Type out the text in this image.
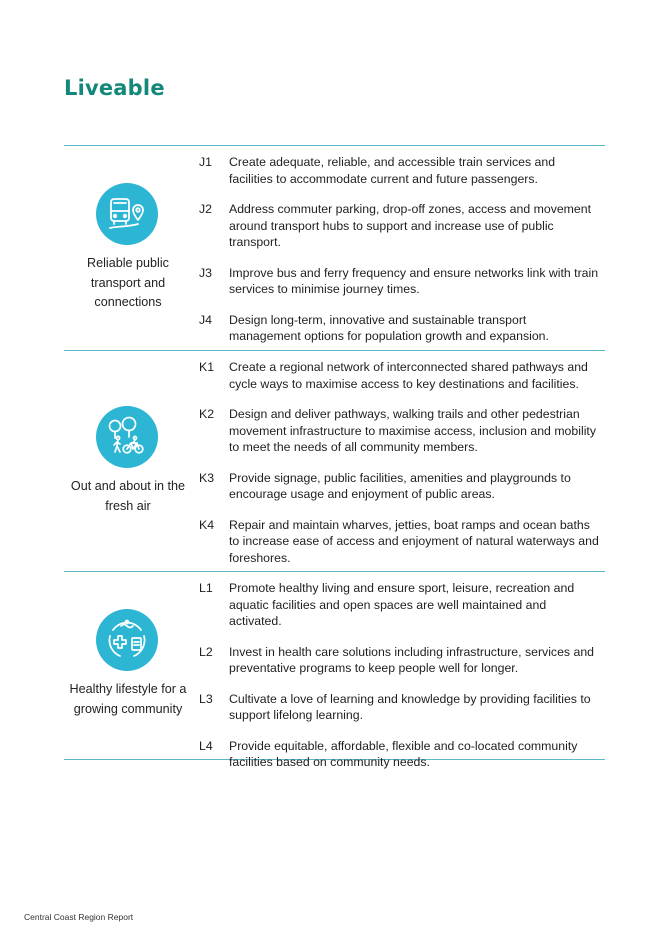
Liveable
Reliable public
transport and
connections
J1	Create adequate, reliable, and accessible train services and facilities to accommodate current and future passengers.
J2	Address commuter parking, drop-off zones, access and movement around transport hubs to support and increase use of public transport.
J3	Improve bus and ferry frequency and ensure networks link with train services to minimise journey times.
J4	Design long-term, innovative and sustainable transport management options for population growth and expansion.
Out and about in the
fresh air
K1	Create a regional network of interconnected shared pathways and cycle ways to maximise access to key destinations and facilities.
K2	Design and deliver pathways, walking trails and other pedestrian movement infrastructure to maximise access, inclusion and mobility to meet the needs of all community members.
K3	Provide signage, public facilities, amenities and playgrounds to encourage usage and enjoyment of public areas.
K4	Repair and maintain wharves, jetties, boat ramps and ocean baths to increase ease of access and enjoyment of natural waterways and foreshores.
Healthy lifestyle for a
growing community
L1	Promote healthy living and ensure sport, leisure, recreation and aquatic facilities and open spaces are well maintained and activated.
L2	Invest in health care solutions including infrastructure, services and preventative programs to keep people well for longer.
L3	Cultivate a love of learning and knowledge by providing facilities to support lifelong learning.
L4	Provide equitable, affordable, flexible and co-located community facilities based on community needs.
Central Coast Region Report
